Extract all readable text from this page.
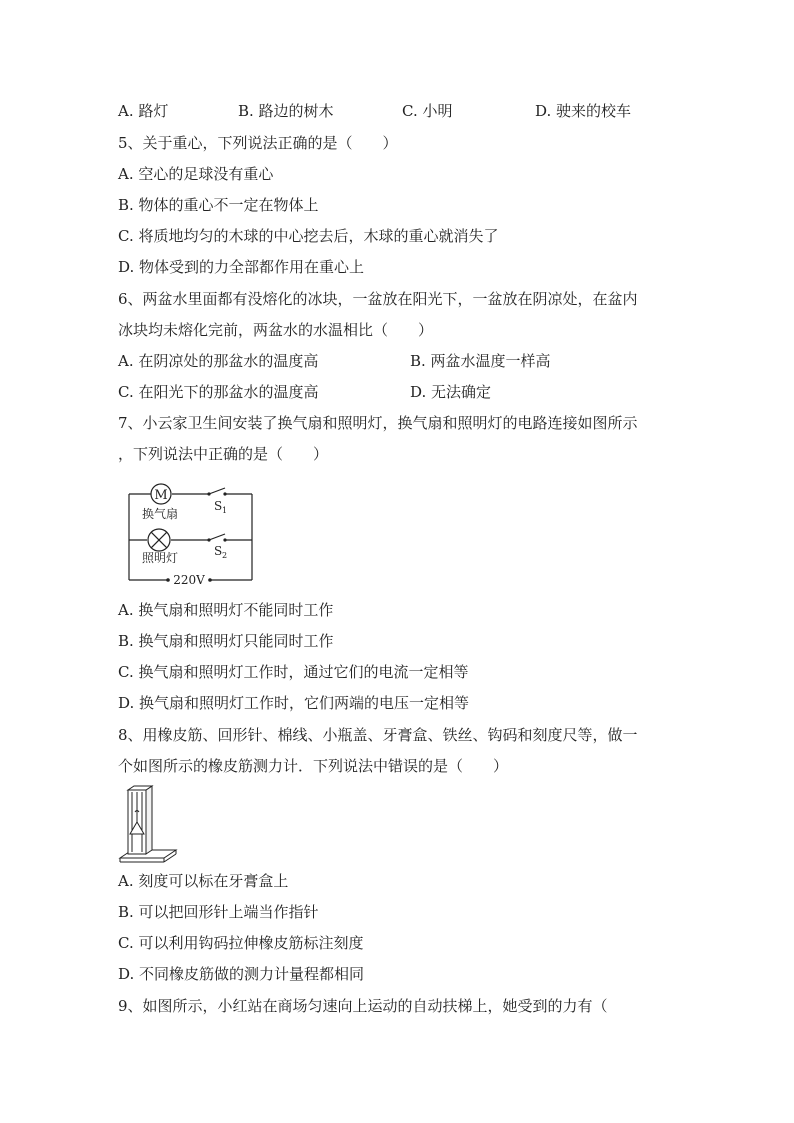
A. 路灯	B. 路边的树木	C. 小明	D. 驶来的校车
5、关于重心，下列说法正确的是（　　）
A. 空心的足球没有重心
B. 物体的重心不一定在物体上
C. 将质地均匀的木球的中心挖去后，木球的重心就消失了
D. 物体受到的力全部都作用在重心上
6、两盆水里面都有没熔化的冰块，一盆放在阳光下，一盆放在阴凉处，在盆内
冰块均未熔化完前，两盆水的水温相比（　　）
A. 在阴凉处的那盆水的温度高	B. 两盆水温度一样高
C. 在阳光下的那盆水的温度高	D. 无法确定
7、小云家卫生间安装了换气扇和照明灯，换气扇和照明灯的电路连接如图所示
，下列说法中正确的是（　　）
M
换气扇
照明灯
S 1
S 2
220V
A. 换气扇和照明灯不能同时工作
B. 换气扇和照明灯只能同时工作
C. 换气扇和照明灯工作时，通过它们的电流一定相等
D. 换气扇和照明灯工作时，它们两端的电压一定相等
8、用橡皮筋、回形针、棉线、小瓶盖、牙膏盒、铁丝、钩码和刻度尺等，做一
个如图所示的橡皮筋测力计．下列说法中错误的是（　　）
A. 刻度可以标在牙膏盒上
B. 可以把回形针上端当作指针
C. 可以利用钩码拉伸橡皮筋标注刻度
D. 不同橡皮筋做的测力计量程都相同
9、如图所示，小红站在商场匀速向上运动的自动扶梯上，她受到的力有（
